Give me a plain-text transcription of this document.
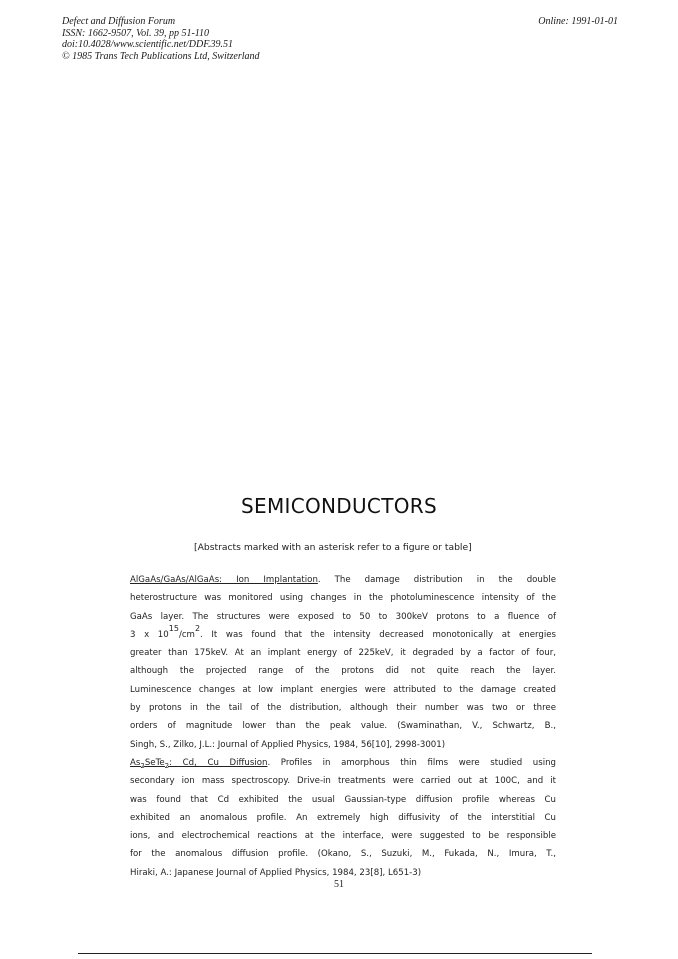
Defect and Diffusion Forum
ISSN: 1662-9507, Vol. 39, pp 51-110
doi:10.4028/www.scientific.net/DDF.39.51
© 1985 Trans Tech Publications Ltd, Switzerland
Online: 1991-01-01
SEMICONDUCTORS
[Abstracts marked with an asterisk refer to a figure or table]
AlGaAs/GaAs/AlGaAs: Ion Implantation. The damage distribution in the double
heterostructure was monitored using changes in the photoluminescence intensity of the
GaAs layer. The structures were exposed to 50 to 300keV protons to a fluence of
3 x 1015/cm2. It was found that the intensity decreased monotonically at energies
greater than 175keV. At an implant energy of 225keV, it degraded by a factor of four,
although the projected range of the protons did not quite reach the layer.
Luminescence changes at low implant energies were attributed to the damage created
by protons in the tail of the distribution, although their number was two or three
orders of magnitude lower than the peak value. (Swaminathan, V., Schwartz, B.,
Singh, S., Zilko, J.L.: Journal of Applied Physics, 1984, 56[10], 2998-3001)
$As_2SeTe_2$: Cd, Cu Diffusion. Profiles in amorphous thin films were studied using
secondary ion mass spectroscopy. Drive-in treatments were carried out at 100C, and it
was found that Cd exhibited the usual Gaussian-type diffusion profile whereas Cu
exhibited an anomalous profile. An extremely high diffusivity of the interstitial Cu
ions, and electrochemical reactions at the interface, were suggested to be responsible
for the anomalous diffusion profile. (Okano, S., Suzuki, M., Fukada, N., Imura, T.,
Hiraki, A.: Japanese Journal of Applied Physics, 1984, 23[8], L651-3)
51
